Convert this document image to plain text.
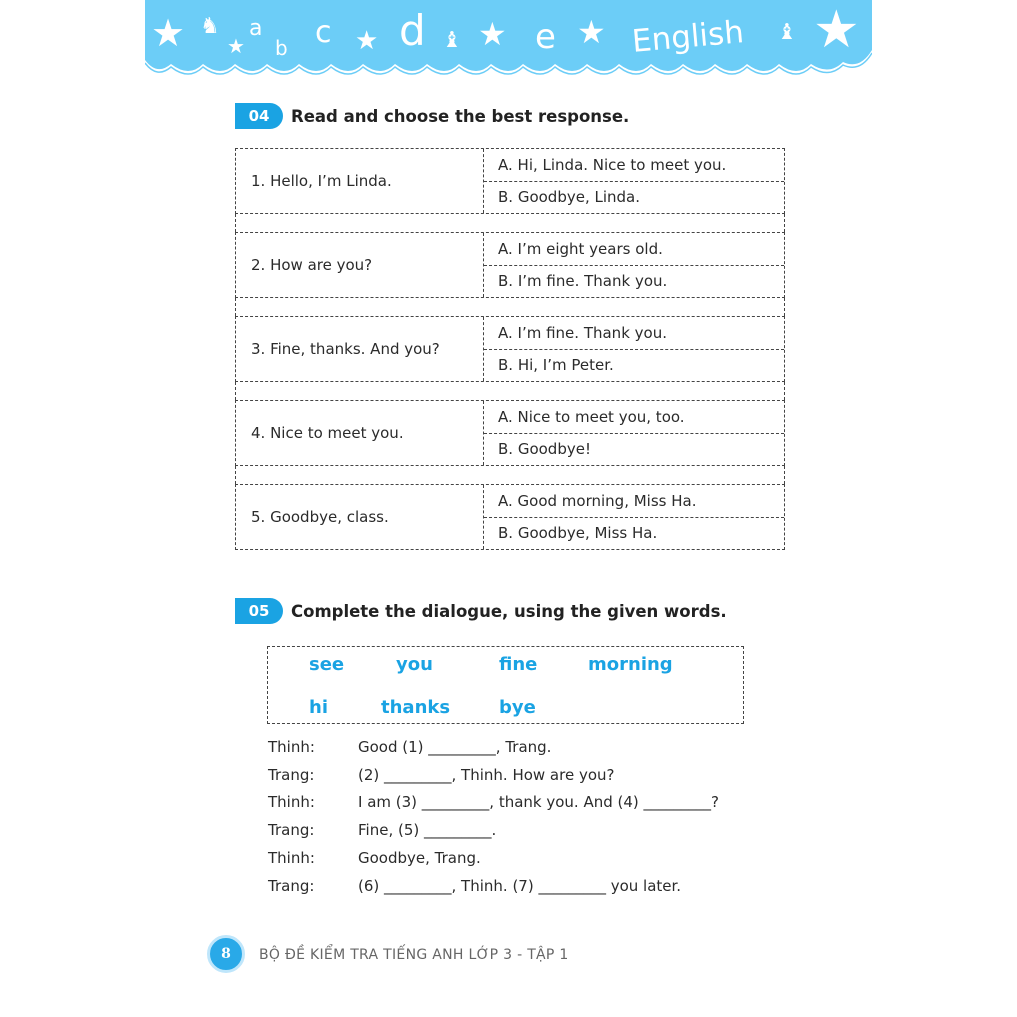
★ ♞ a
★ b c ★ d ♝ ★ e ★ English ♝ ★
04	Read and choose the best response.
1. Hello, I’m Linda.
A. Hi, Linda. Nice to meet you.
B. Goodbye, Linda.
2. How are you?
A. I’m eight years old.
B. I’m fine. Thank you.
3. Fine, thanks. And you?
A. I’m fine. Thank you.
B. Hi, I’m Peter.
4. Nice to meet you.
A. Nice to meet you, too.
B. Goodbye!
5. Goodbye, class.
A. Good morning, Miss Ha.
B. Goodbye, Miss Ha.
05	Complete the dialogue, using the given words.
see	you	fine	morning
hi	thanks	bye
Thinh:	Good (1) _________, Trang.
Trang:	(2) _________, Thinh. How are you?
Thinh:	I am (3) _________, thank you. And (4) _________?
Trang:	Fine, (5) _________.
Thinh:	Goodbye, Trang.
Trang:	(6) _________, Thinh. (7) _________ you later.
8	BỘ ĐỀ KIỂM TRA TIẾNG ANH LỚP 3 - TẬP 1
